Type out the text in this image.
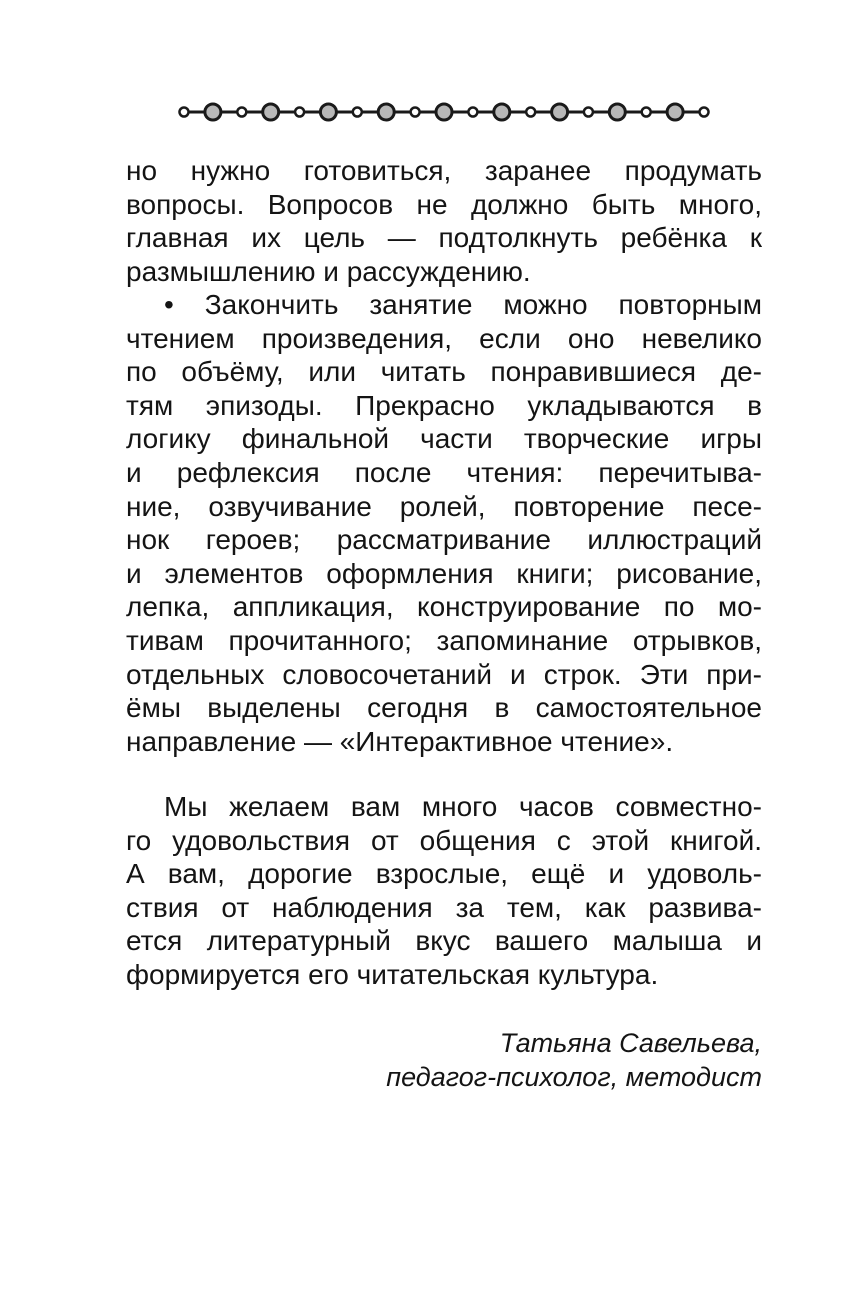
но нужно готовиться, заранее продумать
вопросы. Вопросов не должно быть много,
главная их цель — подтолкнуть ребёнка к
размышлению и рассуждению.
• Закончить занятие можно повторным
чтением произведения, если оно невелико
по объёму, или читать понравившиеся де-
тям эпизоды. Прекрасно укладываются в
логику финальной части творческие игры
и рефлексия после чтения: перечитыва-
ние, озвучивание ролей, повторение песе-
нок героев; рассматривание иллюстраций
и элементов оформления книги; рисование,
лепка, аппликация, конструирование по мо-
тивам прочитанного; запоминание отрывков,
отдельных словосочетаний и строк. Эти при-
ёмы выделены сегодня в самостоятельное
направление — «Интерактивное чтение».
Мы желаем вам много часов совместно-
го удовольствия от общения с этой книгой.
А вам, дорогие взрослые, ещё и удоволь-
ствия от наблюдения за тем, как развива-
ется литературный вкус вашего малыша и
формируется его читательская культура.
Татьяна Савельева,
педагог-психолог, методист
